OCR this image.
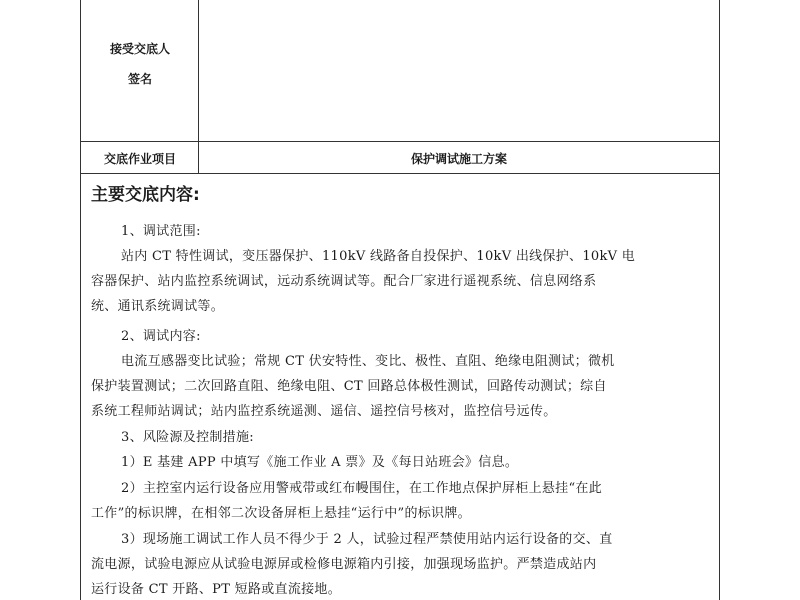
接受交底人
签名
交底作业项目	保护调试施工方案
主要交底内容:
1、调试范围:
站内 CT 特性调试，变压器保护、110kV 线路备自投保护、10kV 出线保护、10kV 电
容器保护、站内监控系统调试，远动系统调试等。配合厂家进行遥视系统、信息网络系
统、通讯系统调试等。
2、调试内容:
电流互感器变比试验；常规 CT 伏安特性、变比、极性、直阻、绝缘电阻测试；微机
保护装置测试；二次回路直阻、绝缘电阻、CT 回路总体极性测试，回路传动测试；综自
系统工程师站调试；站内监控系统遥测、遥信、遥控信号核对，监控信号远传。
3、风险源及控制措施:
1）E 基建 APP 中填写《施工作业 A 票》及《每日站班会》信息。
2）主控室内运行设备应用警戒带或红布幔围住，在工作地点保护屏柜上悬挂“在此
工作”的标识牌，在相邻二次设备屏柜上悬挂“运行中”的标识牌。
3）现场施工调试工作人员不得少于 2 人，试验过程严禁使用站内运行设备的交、直
流电源，试验电源应从试验电源屏或检修电源箱内引接，加强现场监护。严禁造成站内
运行设备 CT 开路、PT 短路或直流接地。
